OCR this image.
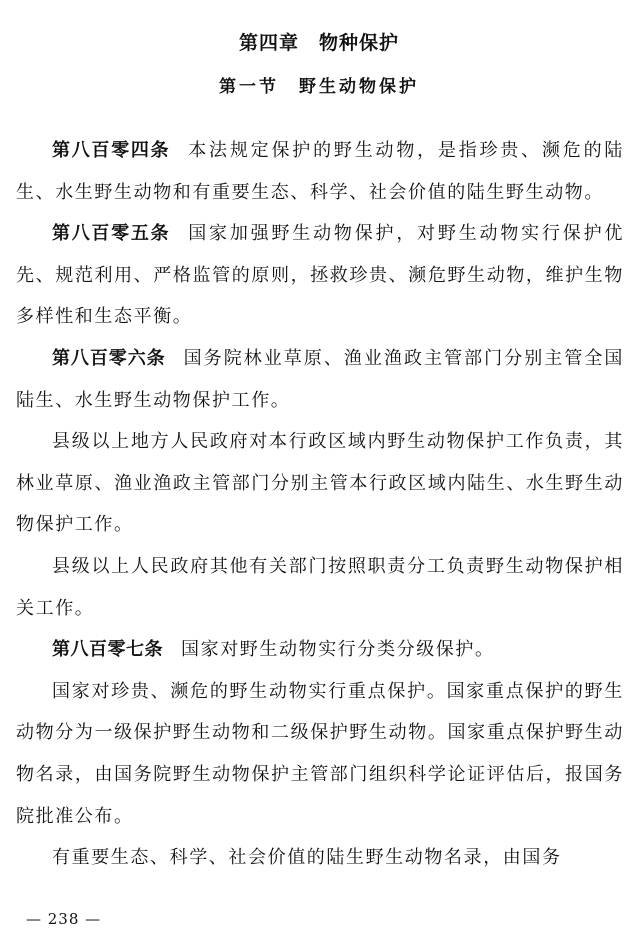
第四章　物种保护
第一节　野生动物保护

第八百零四条 本法规定保护的野生动物，是指珍贵、濒危的陆生、水生野生动物和有重要生态、科学、社会价值的陆生野生动物。

第八百零五条 国家加强野生动物保护，对野生动物实行保护优先、规范利用、严格监管的原则，拯救珍贵、濒危野生动物，维护生物多样性和生态平衡。

第八百零六条 国务院林业草原、渔业渔政主管部门分别主管全国陆生、水生野生动物保护工作。

县级以上地方人民政府对本行政区域内野生动物保护工作负责，其林业草原、渔业渔政主管部门分别主管本行政区域内陆生、水生野生动物保护工作。

县级以上人民政府其他有关部门按照职责分工负责野生动物保护相关工作。

第八百零七条 国家对野生动物实行分类分级保护。

国家对珍贵、濒危的野生动物实行重点保护。国家重点保护的野生动物分为一级保护野生动物和二级保护野生动物。国家重点保护野生动物名录，由国务院野生动物保护主管部门组织科学论证评估后，报国务院批准公布。

有重要生态、科学、社会价值的陆生野生动物名录，由国务

— 238 —
